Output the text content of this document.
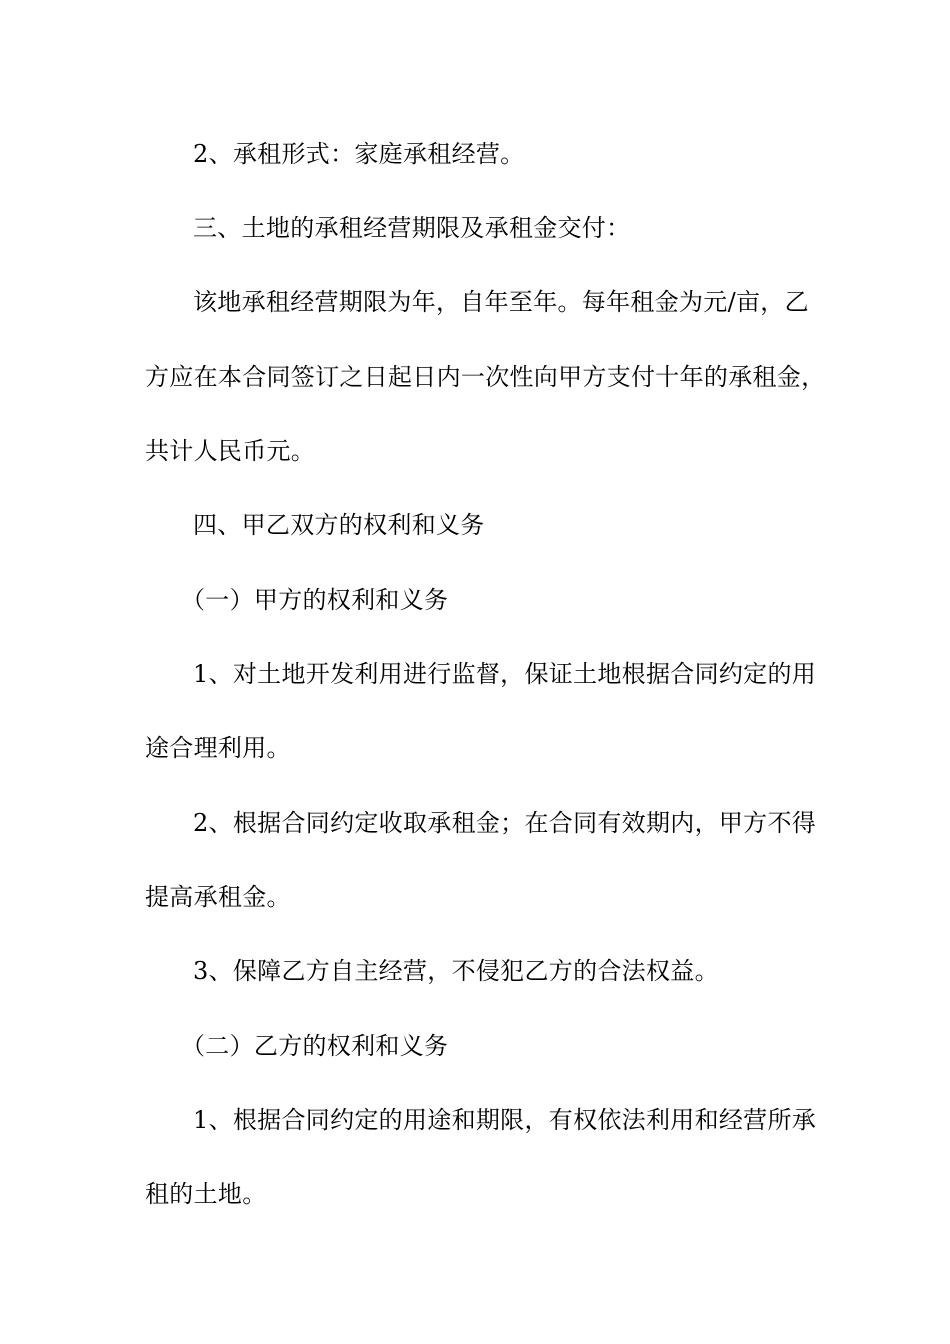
2、承租形式：家庭承租经营。
三、土地的承租经营期限及承租金交付：
该地承租经营期限为年，自年至年。每年租金为元/亩，乙
方应在本合同签订之日起日内一次性向甲方支付十年的承租金，
共计人民币元。
四、甲乙双方的权利和义务
（一）甲方的权利和义务
1、对土地开发利用进行监督，保证土地根据合同约定的用
途合理利用。
2、根据合同约定收取承租金；在合同有效期内，甲方不得
提高承租金。
3、保障乙方自主经营，不侵犯乙方的合法权益。
（二）乙方的权利和义务
1、根据合同约定的用途和期限，有权依法利用和经营所承
租的土地。
